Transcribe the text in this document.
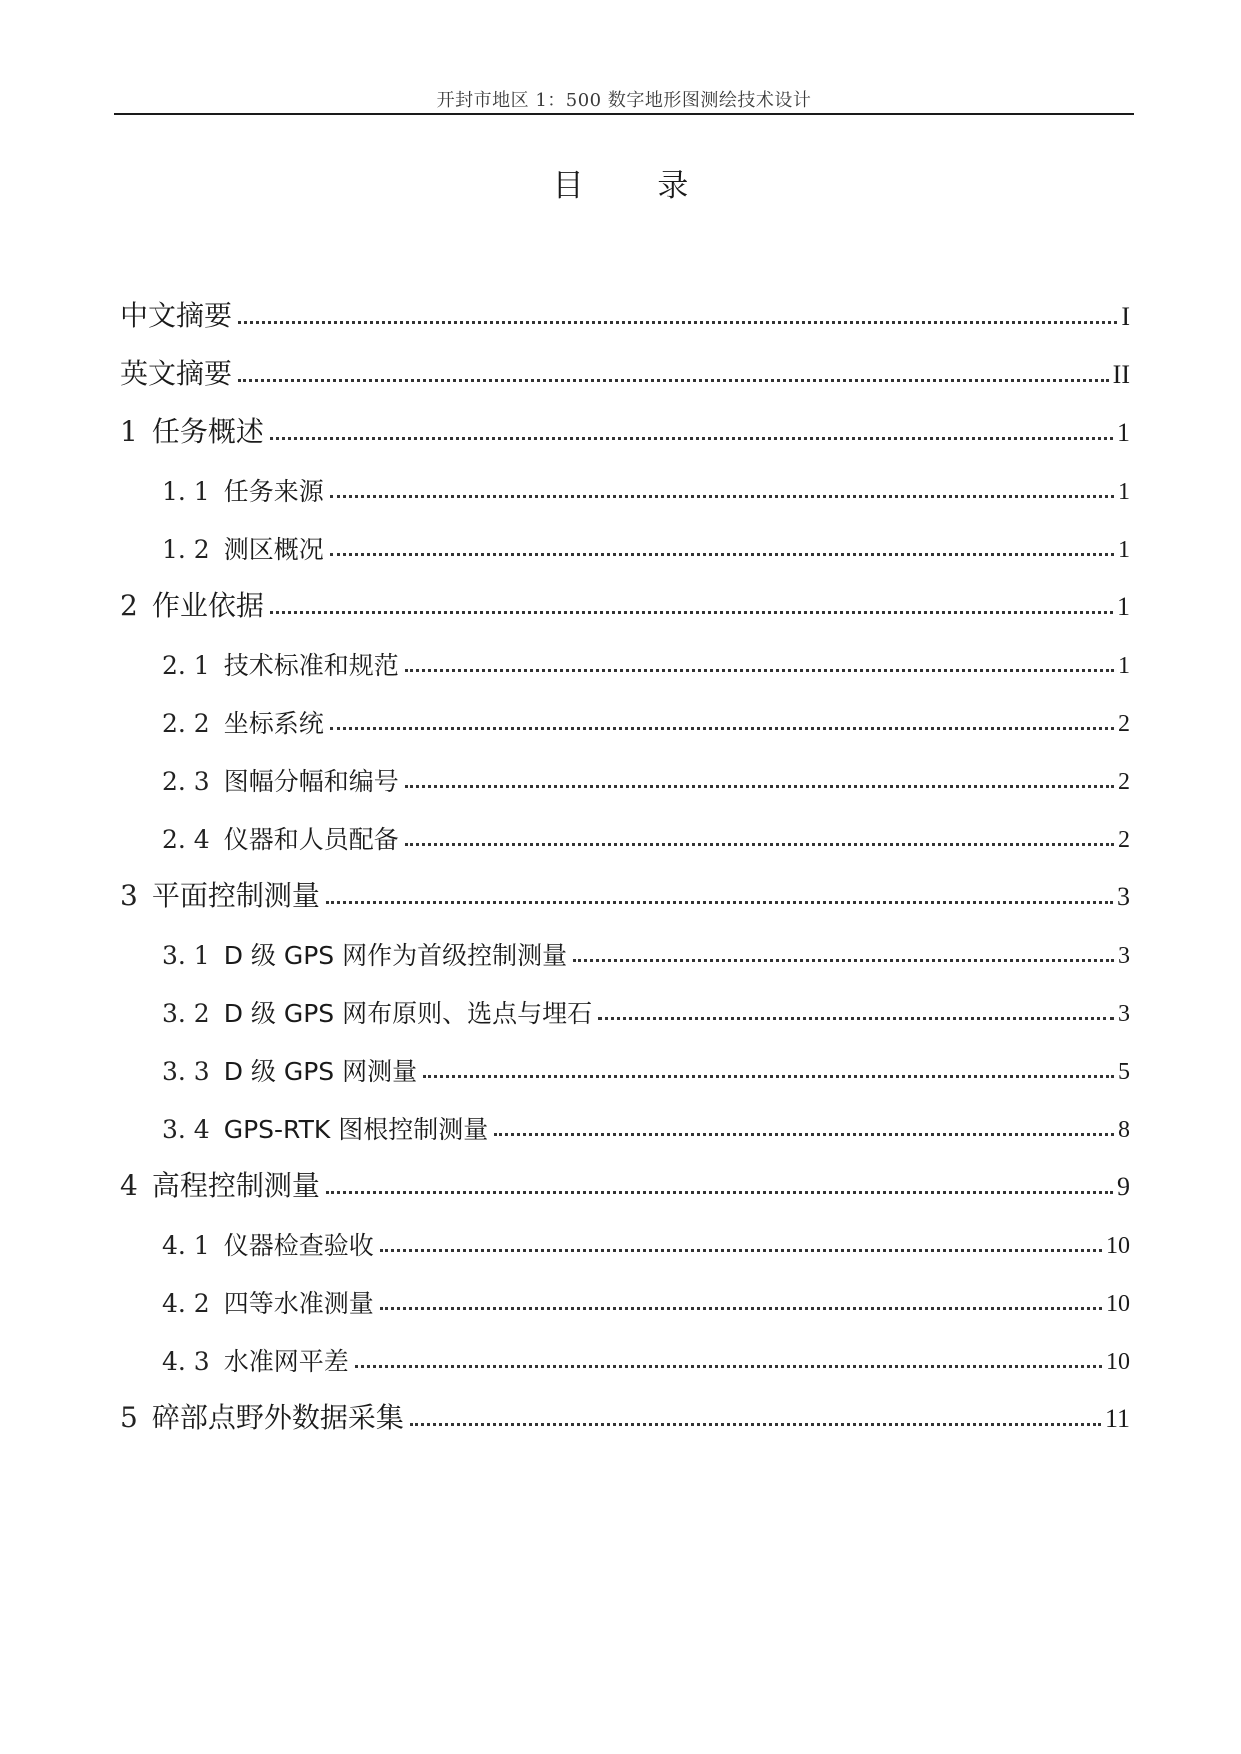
开封市地区 1：500 数字地形图测绘技术设计
目 录
中文摘要	I
英文摘要	II
1 任务概述	1
1. 1 任务来源	1
1. 2 测区概况	1
2 作业依据	1
2. 1 技术标准和规范	1
2. 2 坐标系统	2
2. 3 图幅分幅和编号	2
2. 4 仪器和人员配备	2
3 平面控制测量	3
3. 1 D 级 GPS 网作为首级控制测量	3
3. 2 D 级 GPS 网布原则、选点与埋石	3
3. 3 D 级 GPS 网测量	5
3. 4 GPS-RTK 图根控制测量	8
4 高程控制测量	9
4. 1 仪器检查验收	10
4. 2 四等水准测量	10
4. 3 水准网平差	10
5 碎部点野外数据采集	11
